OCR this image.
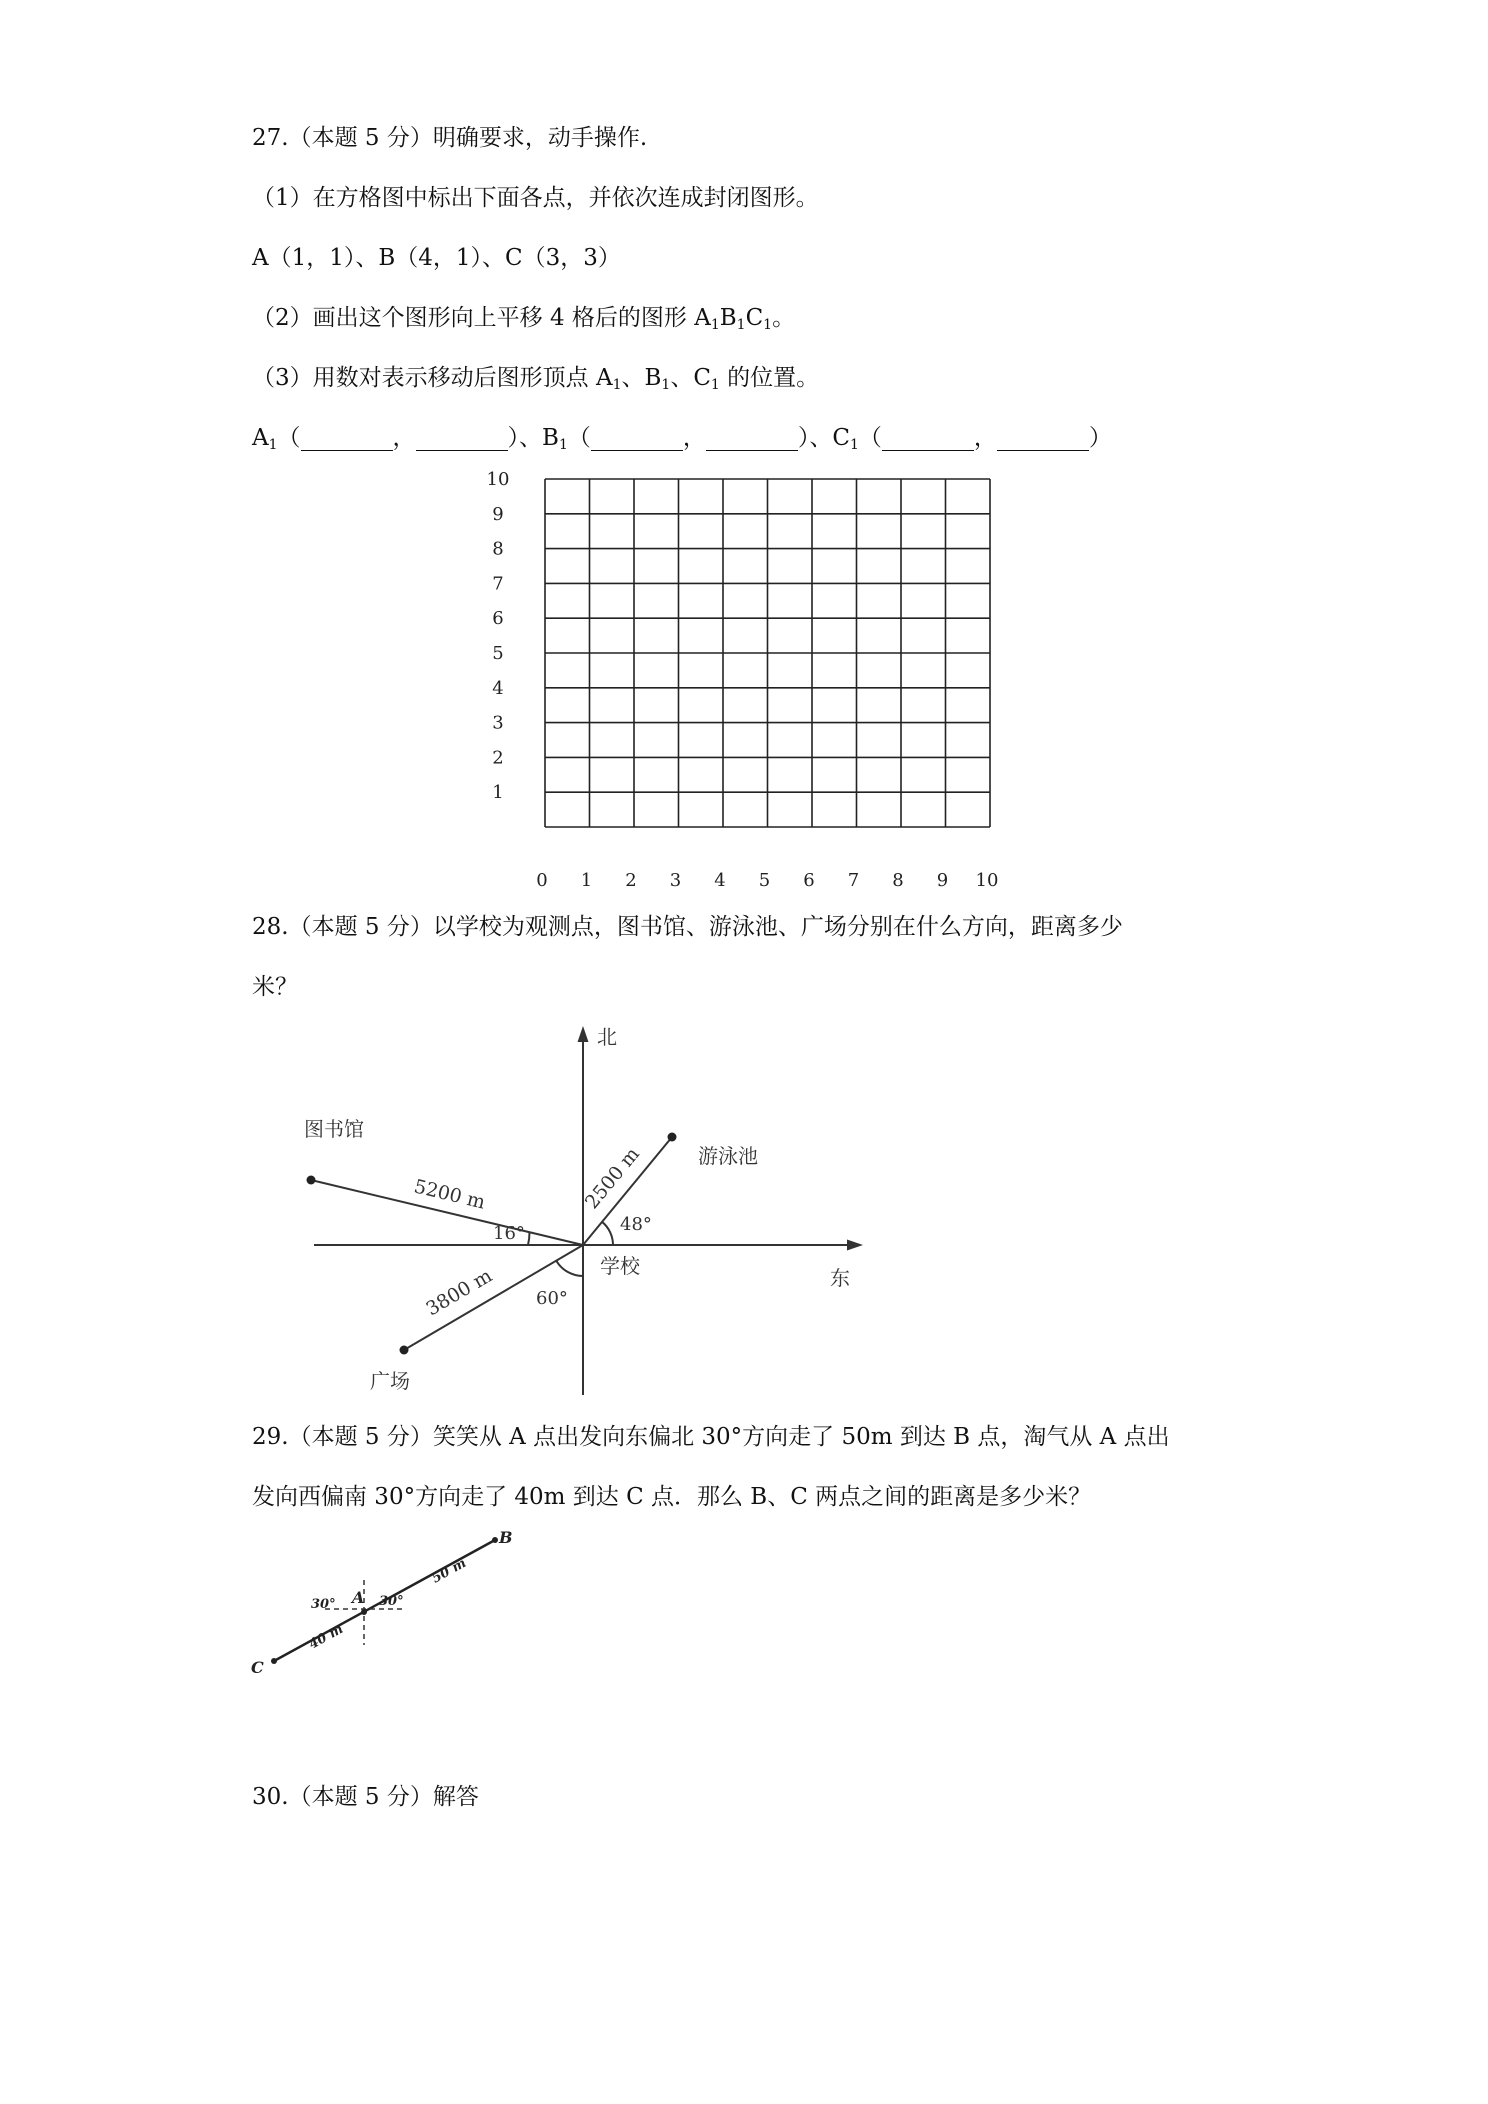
27.（本题 5 分）明确要求，动手操作.
（1）在方格图中标出下面各点，并依次连成封闭图形。
A（1，1）、B（4，1）、C（3，3）
（2）画出这个图形向上平移 4 格后的图形 $A_1B_1C_1$。
（3）用数对表示移动后图形顶点 $A_1$、$B_1$、$C_1$ 的位置。
$A_1$（	，	）、$B_1$（	，	）、$C_1$（	，	）
10
9
8
7
6
5
4
3
2
1
0 1 2 3 4 5 6 7 8 9 10
28.（本题 5 分）以学校为观测点，图书馆、游泳池、广场分别在什么方向，距离多少
米？
北
东
学校
图书馆
游泳池
广场
5200 m	2500 m
3800 m
16°	48°
60°
29.（本题 5 分）笑笑从 A 点出发向东偏北 30°方向走了 50m 到达 B 点，淘气从 A 点出
发向西偏南 30°方向走了 40m 到达 C 点．那么 B、C 两点之间的距离是多少米？
A
B
C
50 m
40 m
30°	30°
30.（本题 5 分）解答
